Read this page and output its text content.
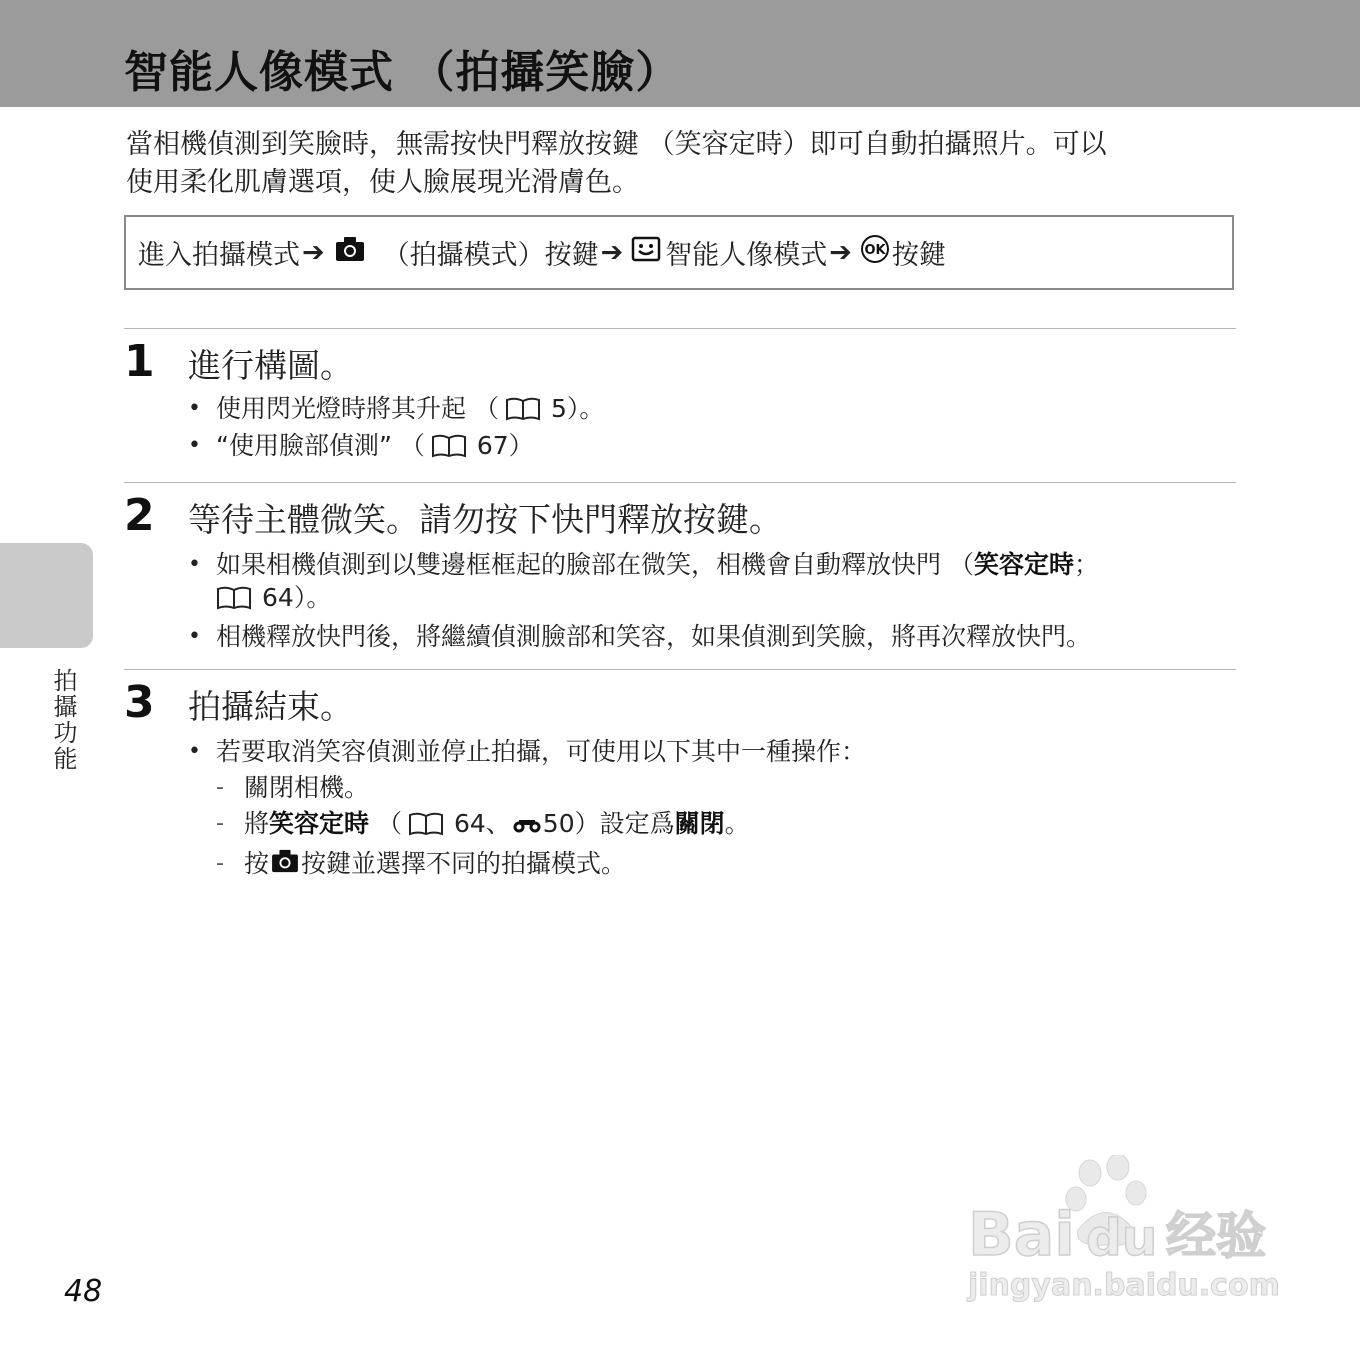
智能人像模式 （拍攝笑臉）

當相機偵測到笑臉時，無需按快門釋放按鍵 （笑容定時）即可自動拍攝照片。可以

使用柔化肌膚選項，使人臉展現光滑膚色。

進入拍攝模式 ➔ （拍攝模式）按鍵 ➔ 智能人像模式 ➔ OK 按鍵
1 進行構圖。
• 使用閃光燈時將其升起 （ 5）。
• “使用臉部偵測” （ 67）
2 等待主體微笑。請勿按下快門釋放按鍵。
• 如果相機偵測到以雙邊框框起的臉部在微笑，相機會自動釋放快門 （笑容定時；
64）。
• 相機釋放快門後，將繼續偵測臉部和笑容，如果偵測到笑臉，將再次釋放快門。
3 拍攝結束。
• 若要取消笑容偵測並停止拍攝，可使用以下其中一種操作：
- 關閉相機。
- 將笑容定時 （ 64、 50）設定爲關閉。
- 按 按鍵並選擇不同的拍攝模式。
拍攝功能
48
Bai du 经验
jingyan.baidu.com
